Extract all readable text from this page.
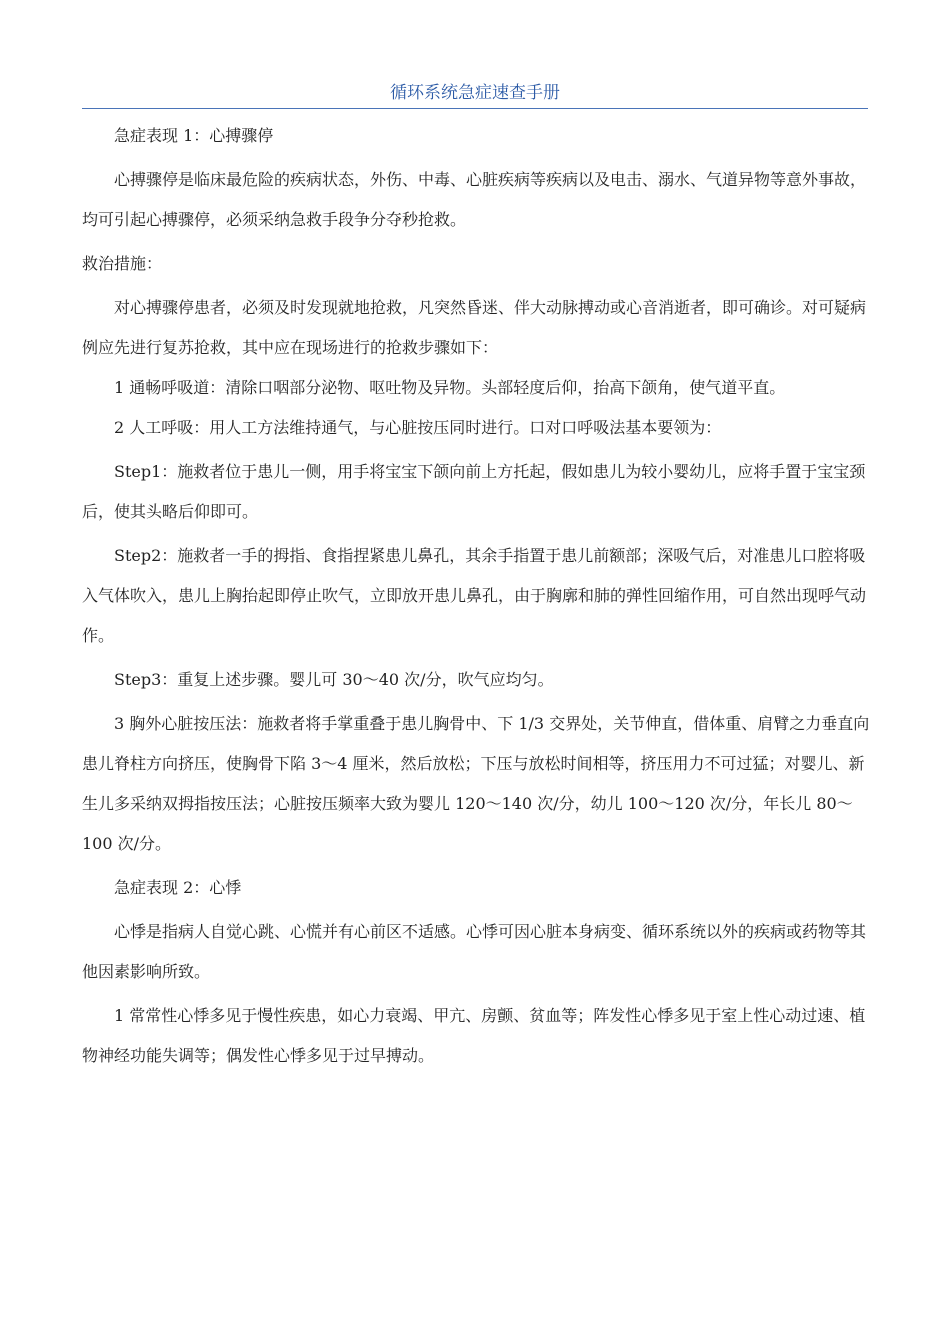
循环系统急症速查手册

急症表现 1：心搏骤停

心搏骤停是临床最危险的疾病状态，外伤、中毒、心脏疾病等疾病以及电击、溺水、气道异物等意外事故，均可引起心搏骤停，必须采纳急救手段争分夺秒抢救。

救治措施：

对心搏骤停患者，必须及时发现就地抢救，凡突然昏迷、伴大动脉搏动或心音消逝者，即可确诊。对可疑病例应先进行复苏抢救，其中应在现场进行的抢救步骤如下：

1 通畅呼吸道：清除口咽部分泌物、呕吐物及异物。头部轻度后仰，抬高下颌角，使气道平直。

2 人工呼吸：用人工方法维持通气，与心脏按压同时进行。口对口呼吸法基本要领为：

Step1：施救者位于患儿一侧，用手将宝宝下颌向前上方托起，假如患儿为较小婴幼儿，应将手置于宝宝颈后，使其头略后仰即可。

Step2：施救者一手的拇指、食指捏紧患儿鼻孔，其余手指置于患儿前额部；深吸气后，对准患儿口腔将吸入气体吹入，患儿上胸抬起即停止吹气，立即放开患儿鼻孔，由于胸廓和肺的弹性回缩作用，可自然出现呼气动作。

Step3：重复上述步骤。婴儿可 30～40 次/分，吹气应均匀。

3 胸外心脏按压法：施救者将手掌重叠于患儿胸骨中、下 1/3 交界处，关节伸直，借体重、肩臂之力垂直向患儿脊柱方向挤压，使胸骨下陷 3～4 厘米，然后放松；下压与放松时间相等，挤压用力不可过猛；对婴儿、新生儿多采纳双拇指按压法；心脏按压频率大致为婴儿 120～140 次/分，幼儿 100～120 次/分，年长儿 80～100 次/分。

急症表现 2：心悸

心悸是指病人自觉心跳、心慌并有心前区不适感。心悸可因心脏本身病变、循环系统以外的疾病或药物等其他因素影响所致。

1 常常性心悸多见于慢性疾患，如心力衰竭、甲亢、房颤、贫血等；阵发性心悸多见于室上性心动过速、植物神经功能失调等；偶发性心悸多见于过早搏动。
